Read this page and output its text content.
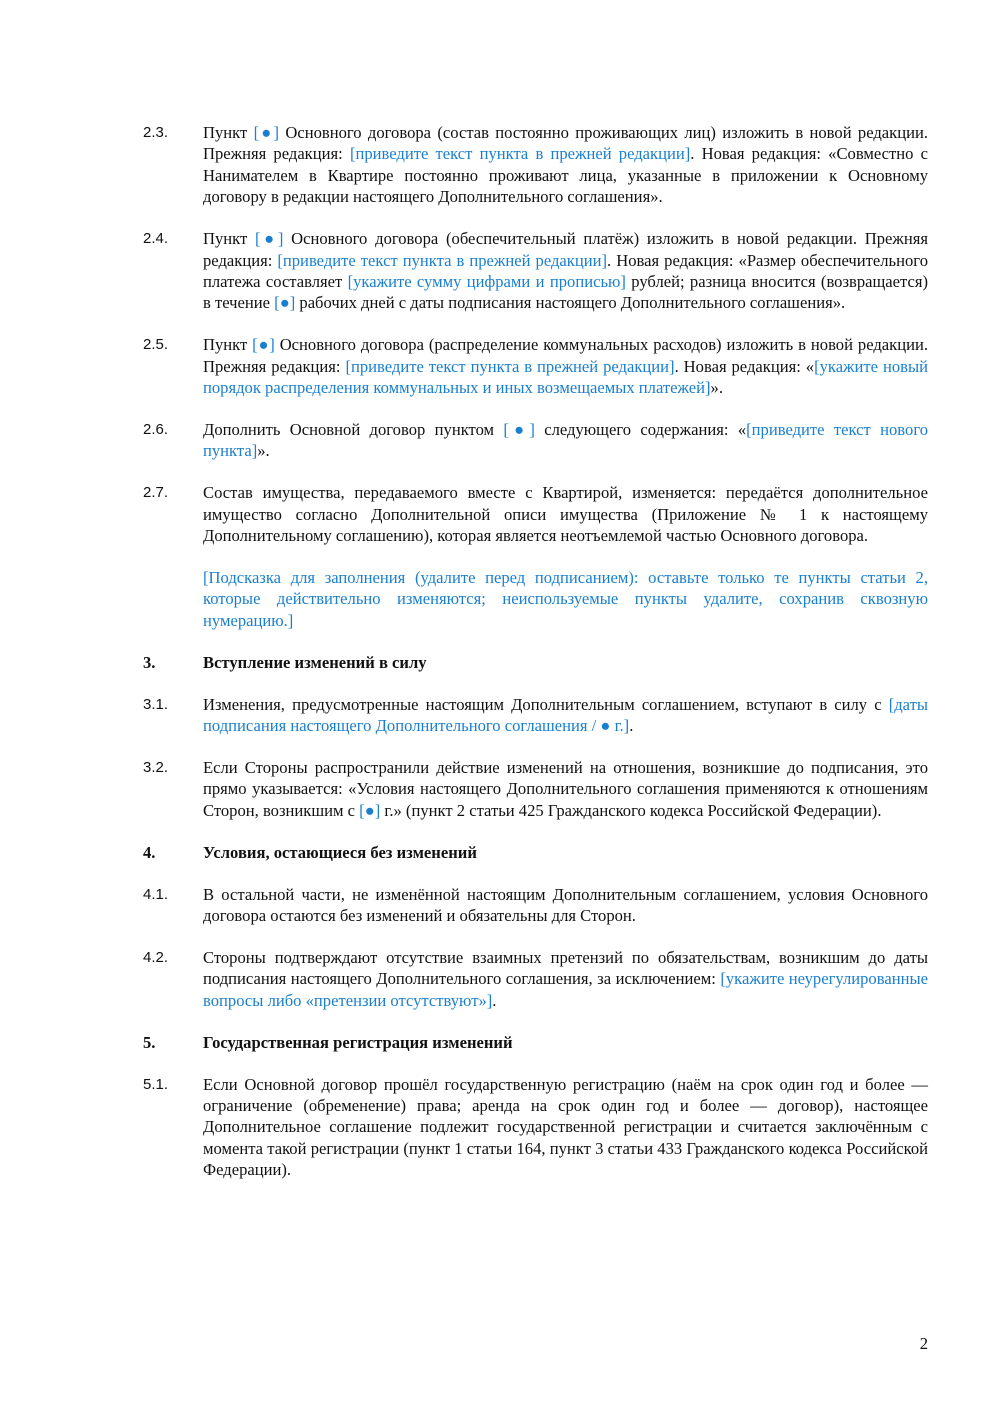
2.3.	Пункт [●] Основного договора (состав постоянно проживающих лиц) изложить в новой редакции. Прежняя редакция: [приведите текст пункта в прежней редакции]. Новая редакция: «Совместно с Нанимателем в Квартире постоянно проживают лица, указанные в приложении к Основному договору в редакции настоящего Дополнительного соглашения».
2.4.	Пункт [●] Основного договора (обеспечительный платёж) изложить в новой редакции. Прежняя редакция: [приведите текст пункта в прежней редакции]. Новая редакция: «Размер обеспечительного платежа составляет [укажите сумму цифрами и прописью] рублей; разница вносится (возвращается) в течение [●] рабочих дней с даты подписания настоящего Дополнительного соглашения».
2.5.	Пункт [●] Основного договора (распределение коммунальных расходов) изложить в новой редакции. Прежняя редакция: [приведите текст пункта в прежней редакции]. Новая редакция: «[укажите новый порядок распределения коммунальных и иных возмещаемых платежей]».
2.6.	Дополнить Основной договор пунктом [●] следующего содержания: «[приведите текст нового пункта]».
2.7.	Состав имущества, передаваемого вместе с Квартирой, изменяется: передаётся дополнительное имущество согласно Дополнительной описи имущества (Приложение № 1 к настоящему Дополнительному соглашению), которая является неотъемлемой частью Основного договора.
[Подсказка для заполнения (удалите перед подписанием): оставьте только те пункты статьи 2, которые действительно изменяются; неиспользуемые пункты удалите, сохранив сквозную нумерацию.]
3.	Вступление изменений в силу
3.1.	Изменения, предусмотренные настоящим Дополнительным соглашением, вступают в силу с [даты подписания настоящего Дополнительного соглашения / ● г.].
3.2.	Если Стороны распространили действие изменений на отношения, возникшие до подписания, это прямо указывается: «Условия настоящего Дополнительного соглашения применяются к отношениям Сторон, возникшим с [●] г.» (пункт 2 статьи 425 Гражданского кодекса Российской Федерации).
4.	Условия, остающиеся без изменений
4.1.	В остальной части, не изменённой настоящим Дополнительным соглашением, условия Основного договора остаются без изменений и обязательны для Сторон.
4.2.	Стороны подтверждают отсутствие взаимных претензий по обязательствам, возникшим до даты подписания настоящего Дополнительного соглашения, за исключением: [укажите неурегулированные вопросы либо «претензии отсутствуют»].
5.	Государственная регистрация изменений
5.1.	Если Основной договор прошёл государственную регистрацию (наём на срок один год и более — ограничение (обременение) права; аренда на срок один год и более — договор), настоящее Дополнительное соглашение подлежит государственной регистрации и считается заключённым с момента такой регистрации (пункт 1 статьи 164, пункт 3 статьи 433 Гражданского кодекса Российской Федерации).
2
